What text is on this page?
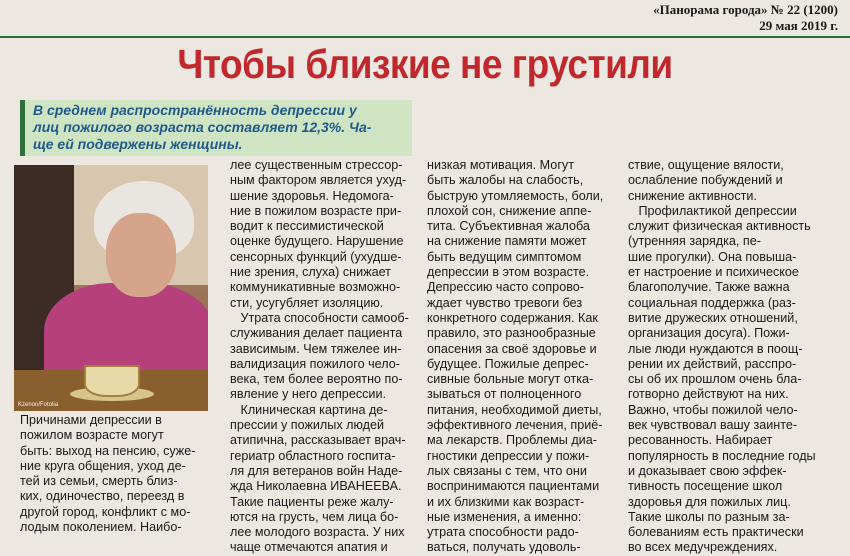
«Панорама города» № 22 (1200)
29 мая 2019 г.
Чтобы близкие не грустили
В среднем распространённость депрессии у
лиц пожилого возраста составляет 12,3%. Ча-
ще ей подвержены женщины.
Kzenon/Fotolia
Причинами депрессии в
пожилом возрасте могут
быть: выход на пенсию, суже-
ние круга общения, уход де-
тей из семьи, смерть близ-
ких, одиночество, переезд в
другой город, конфликт с мо-
лодым поколением. Наибо-
лее существенным стрессор-
ным фактором является ухуд-
шение здоровья. Недомога-
ние в пожилом возрасте при-
водит к пессимистической
оценке будущего. Нарушение
сенсорных функций (ухудше-
ние зрения, слуха) снижает
коммуникативные возможно-
сти, усугубляет изоляцию.
Утрата способности самооб-
служивания делает пациента
зависимым. Чем тяжелее ин-
валидизация пожилого чело-
века, тем более вероятно по-
явление у него депрессии.
Клиническая картина де-
прессии у пожилых людей
атипична, рассказывает врач-
гериатр областного госпита-
ля для ветеранов войн Наде-
жда Николаевна ИВАНЕЕВА.
Такие пациенты реже жалу-
ются на грусть, чем лица бо-
лее молодого возраста. У них
чаще отмечаются апатия и
низкая мотивация. Могут
быть жалобы на слабость,
быструю утомляемость, боли,
плохой сон, снижение аппе-
тита. Субъективная жалоба
на снижение памяти может
быть ведущим симптомом
депрессии в этом возрасте.
Депрессию часто сопрово-
ждает чувство тревоги без
конкретного содержания. Как
правило, это разнообразные
опасения за своё здоровье и
будущее. Пожилые депрес-
сивные больные могут отка-
зываться от полноценного
питания, необходимой диеты,
эффективного лечения, приё-
ма лекарств. Проблемы диа-
гностики депрессии у пожи-
лых связаны с тем, что они
воспринимаются пациентами
и их близкими как возраст-
ные изменения, а именно:
утрата способности радо-
ваться, получать удоволь-
ствие, ощущение вялости,
ослабление побуждений и
снижение активности.
Профилактикой депрессии
служит физическая активность
(утренняя зарядка, пе-
шие прогулки). Она повыша-
ет настроение и психическое
благополучие. Также важна
социальная поддержка (раз-
витие дружеских отношений,
организация досуга). Пожи-
лые люди нуждаются в поощ-
рении их действий, расспро-
сы об их прошлом очень бла-
готворно действуют на них.
Важно, чтобы пожилой чело-
век чувствовал вашу заинте-
ресованность. Набирает
популярность в последние годы
и доказывает свою эффек-
тивность посещение школ
здоровья для пожилых лиц.
Такие школы по разным за-
болеваниям есть практически
во всех медучреждениях.
